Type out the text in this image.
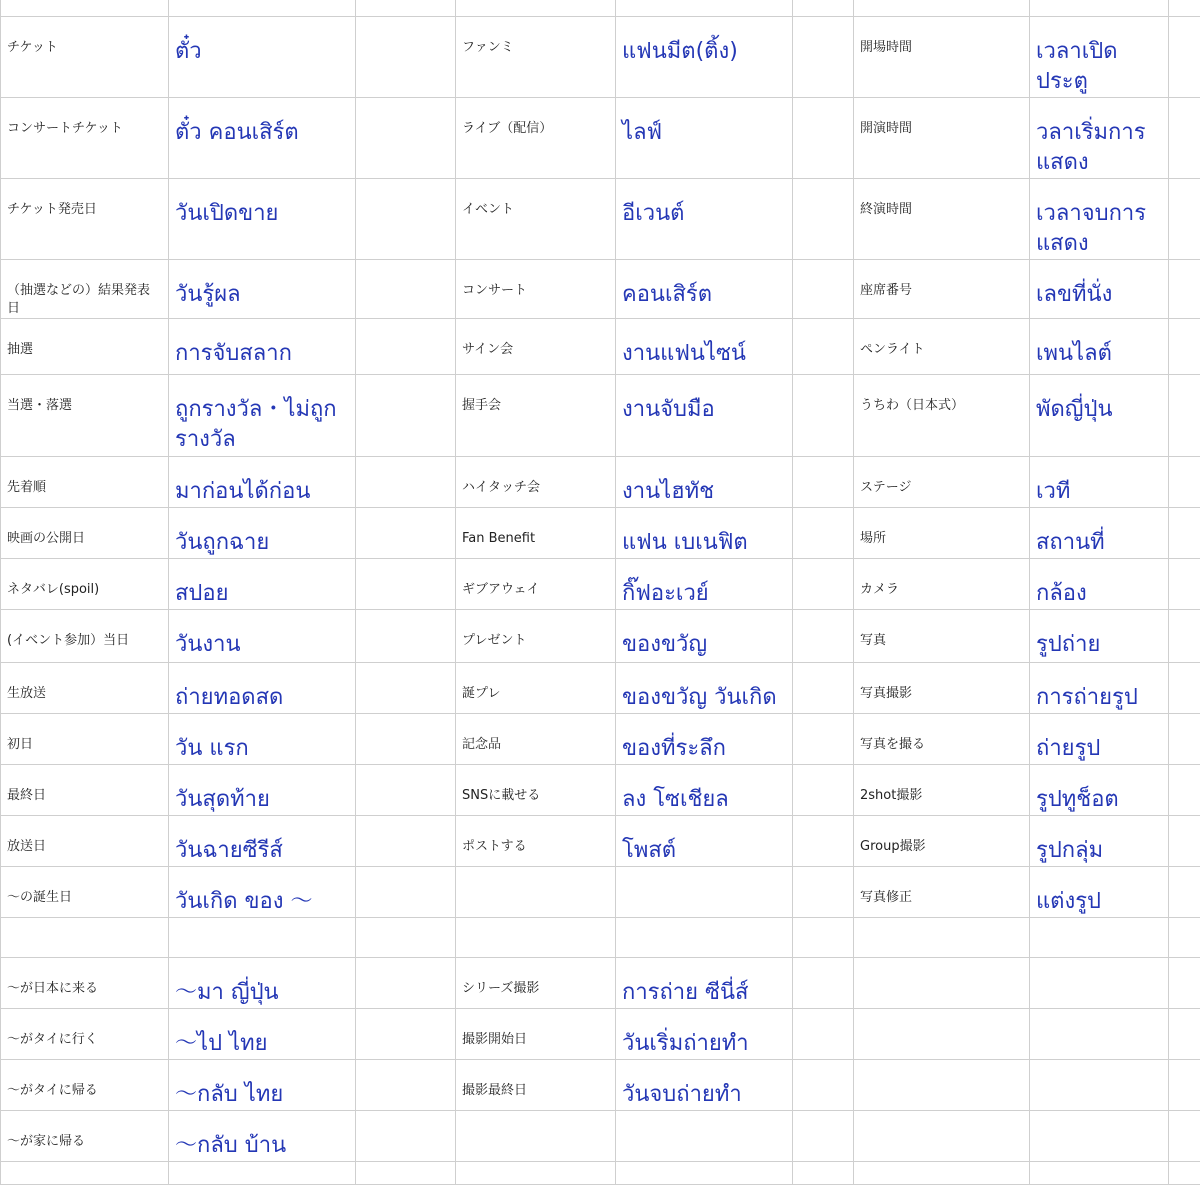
チケット	ตั๋ว		ファンミ	แฟนมีต(ติ้ง)		開場時間	เวลาเปิดประตู	
コンサートチケット	ตั๋ว คอนเสิร์ต		ライブ（配信）	ไลฟ์		開演時間	วลาเริ่มการแสดง	
チケット発売日	วันเปิดขาย		イベント	อีเวนต์		終演時間	เวลาจบการแสดง	
（抽選などの）結果発表日	วันรู้ผล		コンサート	คอนเสิร์ต		座席番号	เลขที่นั่ง	
抽選	การจับสลาก		サイン会	งานแฟนไซน์		ペンライト	เพนไลต์	
当選・落選	ถูกรางวัล・ไม่ถูกรางวัล		握手会	งานจับมือ		うちわ（日本式）	พัดญี่ปุ่น	
先着順	มาก่อนได้ก่อน		ハイタッチ会	งานไฮทัช		ステージ	เวที	
映画の公開日	วันถูกฉาย		Fan Benefit	แฟน เบเนฟิต		場所	สถานที่	
ネタバレ(spoil)	สปอย		ギブアウェイ	กิ๊ฟอะเวย์		カメラ	กล้อง	
(イベント参加）当日	วันงาน		プレゼント	ของขวัญ		写真	รูปถ่าย	
生放送	ถ่ายทอดสด		誕プレ	ของขวัญ วันเกิด		写真撮影	การถ่ายรูป	
初日	วัน แรก		記念品	ของที่ระลึก		写真を撮る	ถ่ายรูป	
最終日	วันสุดท้าย		SNSに載せる	ลง โซเชียล		2shot撮影	รูปทูช็อต	
放送日	วันฉายซีรีส์		ポストする	โพสต์		Group撮影	รูปกลุ่ม	
〜の誕生日	วันเกิด ของ 〜					写真修正	แต่งรูป	

〜が日本に来る	〜มา ญี่ปุ่น		シリーズ撮影	การถ่าย ซีนี่ส์				
〜がタイに行く	〜ไป ไทย		撮影開始日	วันเริ่มถ่ายทำ				
〜がタイに帰る	〜กลับ ไทย		撮影最終日	วันจบถ่ายทำ				
〜が家に帰る	〜กลับ บ้าน							
